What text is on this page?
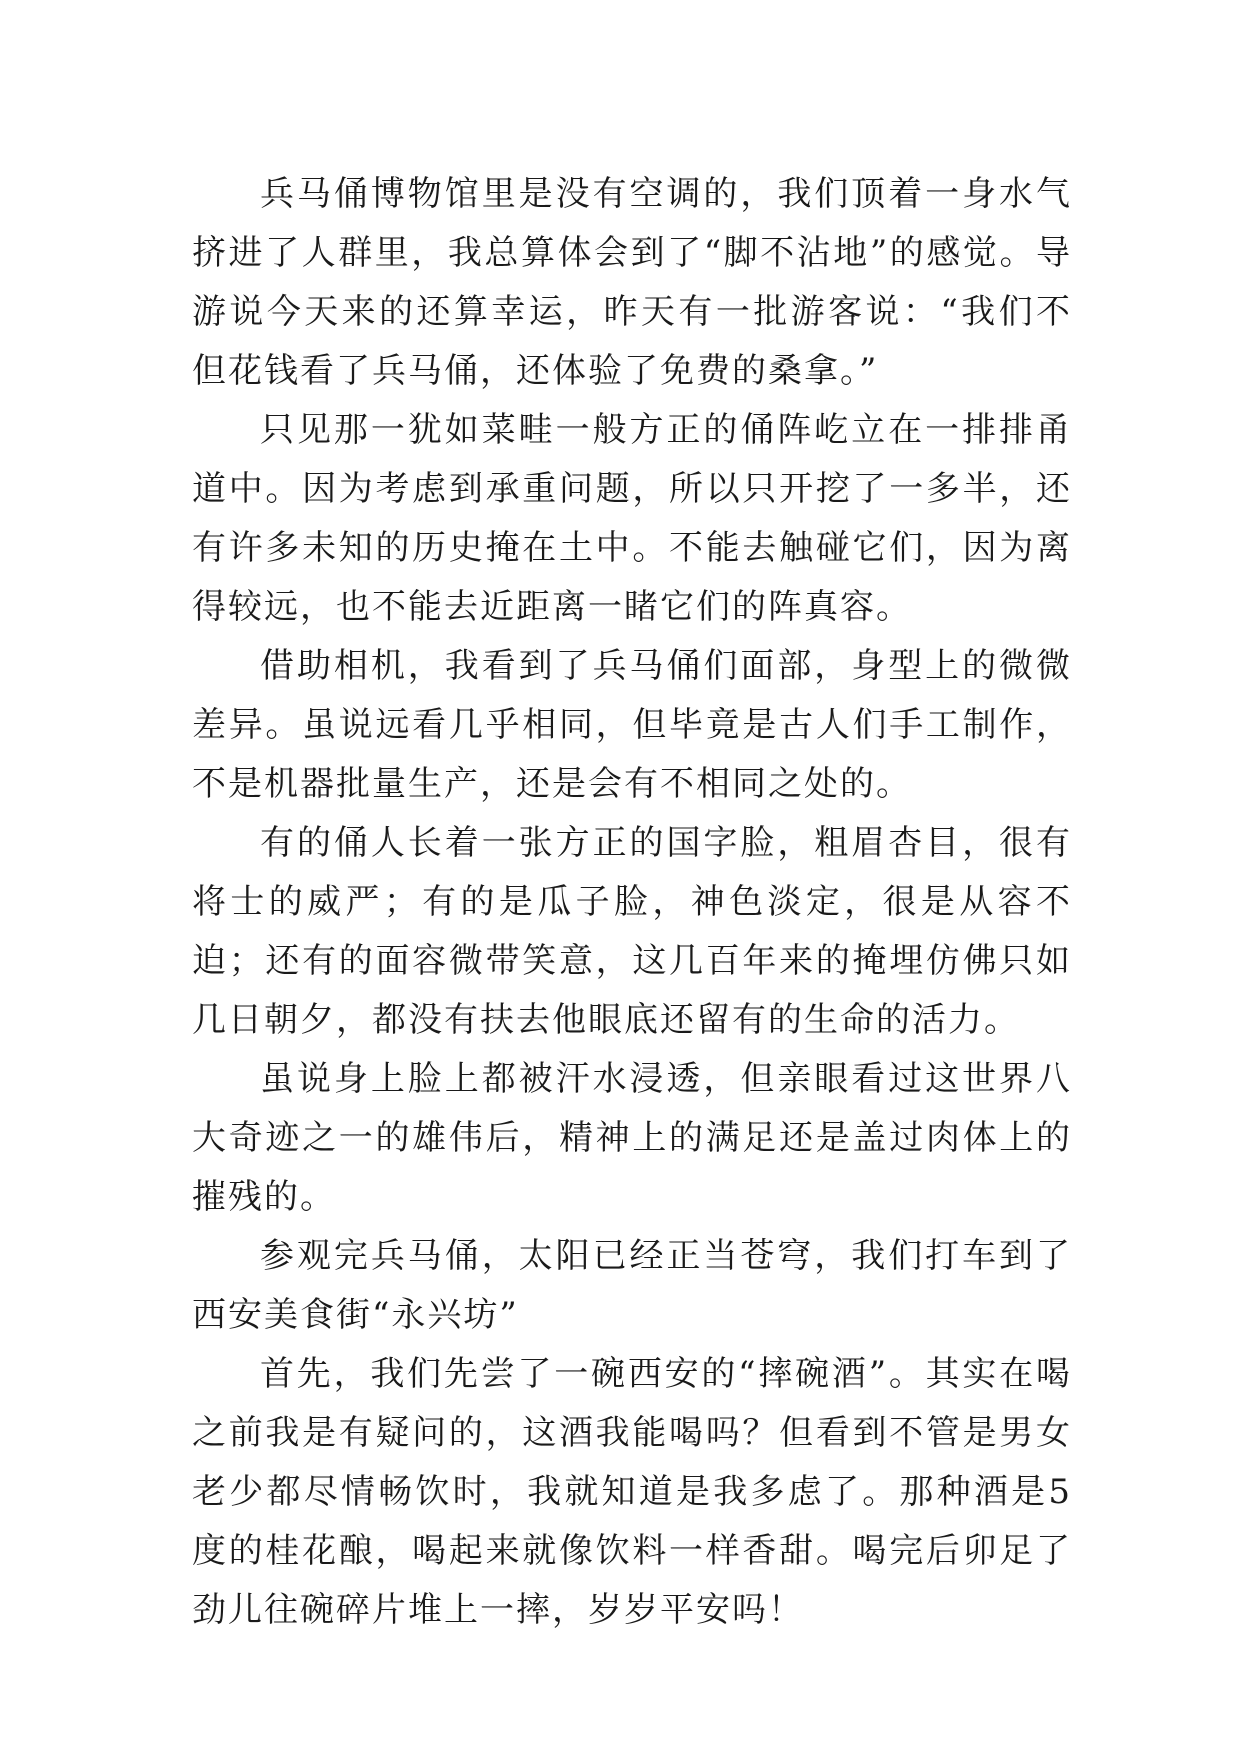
兵马俑博物馆里是没有空调的，我们顶着一身水气挤进了人群里，我总算体会到了“脚不沾地”的感觉。导游说今天来的还算幸运，昨天有一批游客说：“我们不但花钱看了兵马俑，还体验了免费的桑拿。”

只见那一犹如菜畦一般方正的俑阵屹立在一排排甬道中。因为考虑到承重问题，所以只开挖了一多半，还有许多未知的历史掩在土中。不能去触碰它们，因为离得较远，也不能去近距离一睹它们的阵真容。

借助相机，我看到了兵马俑们面部，身型上的微微差异。虽说远看几乎相同，但毕竟是古人们手工制作，不是机器批量生产，还是会有不相同之处的。

有的俑人长着一张方正的国字脸，粗眉杏目，很有将士的威严；有的是瓜子脸，神色淡定，很是从容不迫；还有的面容微带笑意，这几百年来的掩埋仿佛只如几日朝夕，都没有扶去他眼底还留有的生命的活力。

虽说身上脸上都被汗水浸透，但亲眼看过这世界八大奇迹之一的雄伟后，精神上的满足还是盖过肉体上的摧残的。

参观完兵马俑，太阳已经正当苍穹，我们打车到了西安美食街“永兴坊”

首先，我们先尝了一碗西安的“摔碗酒”。其实在喝之前我是有疑问的，这酒我能喝吗？但看到不管是男女老少都尽情畅饮时，我就知道是我多虑了。那种酒是5度的桂花酿，喝起来就像饮料一样香甜。喝完后卯足了劲儿往碗碎片堆上一摔，岁岁平安吗！
